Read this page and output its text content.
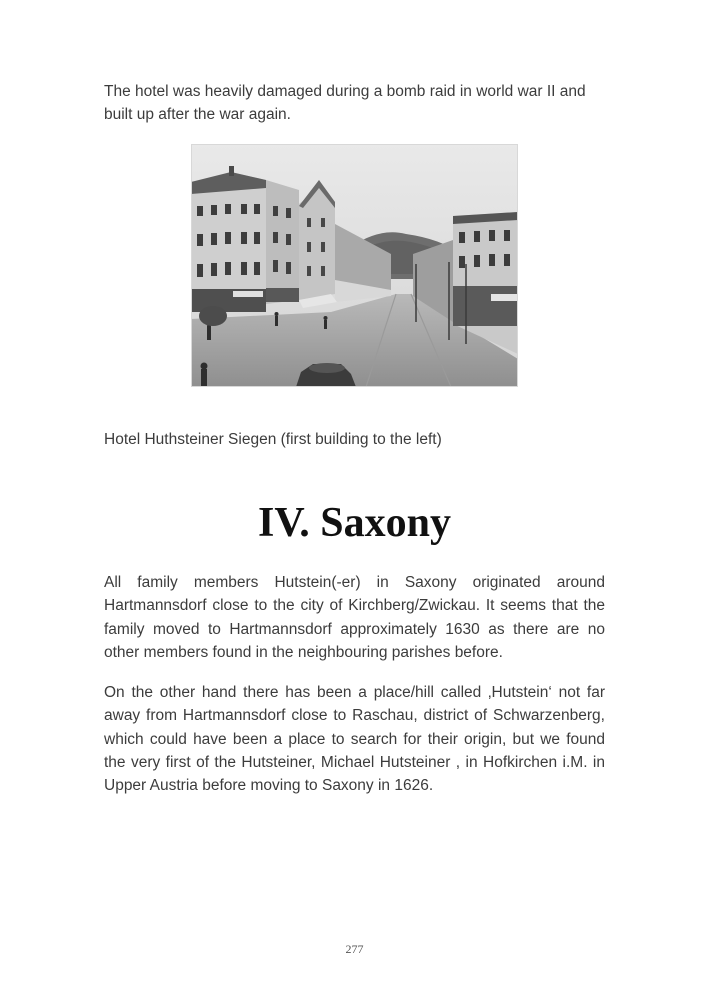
The hotel was heavily damaged during a bomb raid in world war II and built up after the war again.

Hotel Huthsteiner Siegen (first building to the left)

IV. Saxony

All family members Hutstein(-er) in Saxony originated around Hartmannsdorf close to the city of Kirchberg/Zwickau. It seems that the family moved to Hartmannsdorf approximately 1630 as there are no other members found in the neighbouring parishes before.

On the other hand there has been a place/hill called ‚Hutstein‘ not far away from Hartmannsdorf close to Raschau, district of Schwarzenberg, which could have been a place to search for their origin, but we found the very first of the Hutsteiner, Michael Hutsteiner , in Hofkirchen i.M. in Upper Austria before moving to Saxony in 1626.

277
